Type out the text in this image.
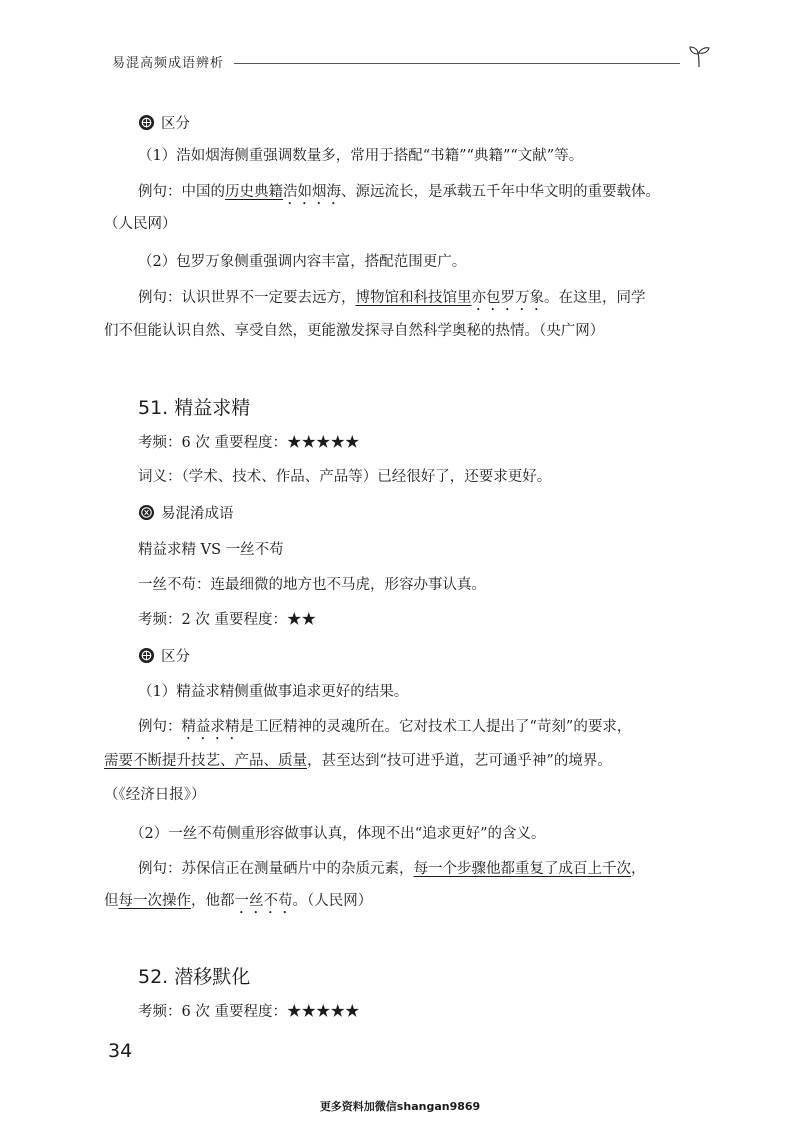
易混高频成语辨析
区分

（1）浩如烟海侧重强调数量多，常用于搭配“书籍”“典籍”“文献”等。

例句：中国的历史典籍浩如烟海、源远流长，是承载五千年中华文明的重要载体。

（人民网）

（2）包罗万象侧重强调内容丰富，搭配范围更广。

例句：认识世界不一定要去远方，博物馆和科技馆里亦包罗万象。在这里，同学

们不但能认识自然、享受自然，更能激发探寻自然科学奥秘的热情。（央广网）

51. 精益求精

考频：6 次 重要程度：★★★★★

词义：（学术、技术、作品、产品等）已经很好了，还要求更好。

易混淆成语

精益求精 VS 一丝不苟

一丝不苟：连最细微的地方也不马虎，形容办事认真。

考频：2 次 重要程度：★★

区分

（1）精益求精侧重做事追求更好的结果。

例句：精益求精是工匠精神的灵魂所在。它对技术工人提出了“苛刻”的要求，

需要不断提升技艺、产品、质量，甚至达到“技可进乎道，艺可通乎神”的境界。

（《经济日报》）

（2）一丝不苟侧重形容做事认真，体现不出“追求更好”的含义。

例句：苏保信正在测量硒片中的杂质元素，每一个步骤他都重复了成百上千次，

但每一次操作，他都一丝不苟。（人民网）

52. 潜移默化

考频：6 次 重要程度：★★★★★

34
更多资料加微信shangan9869
